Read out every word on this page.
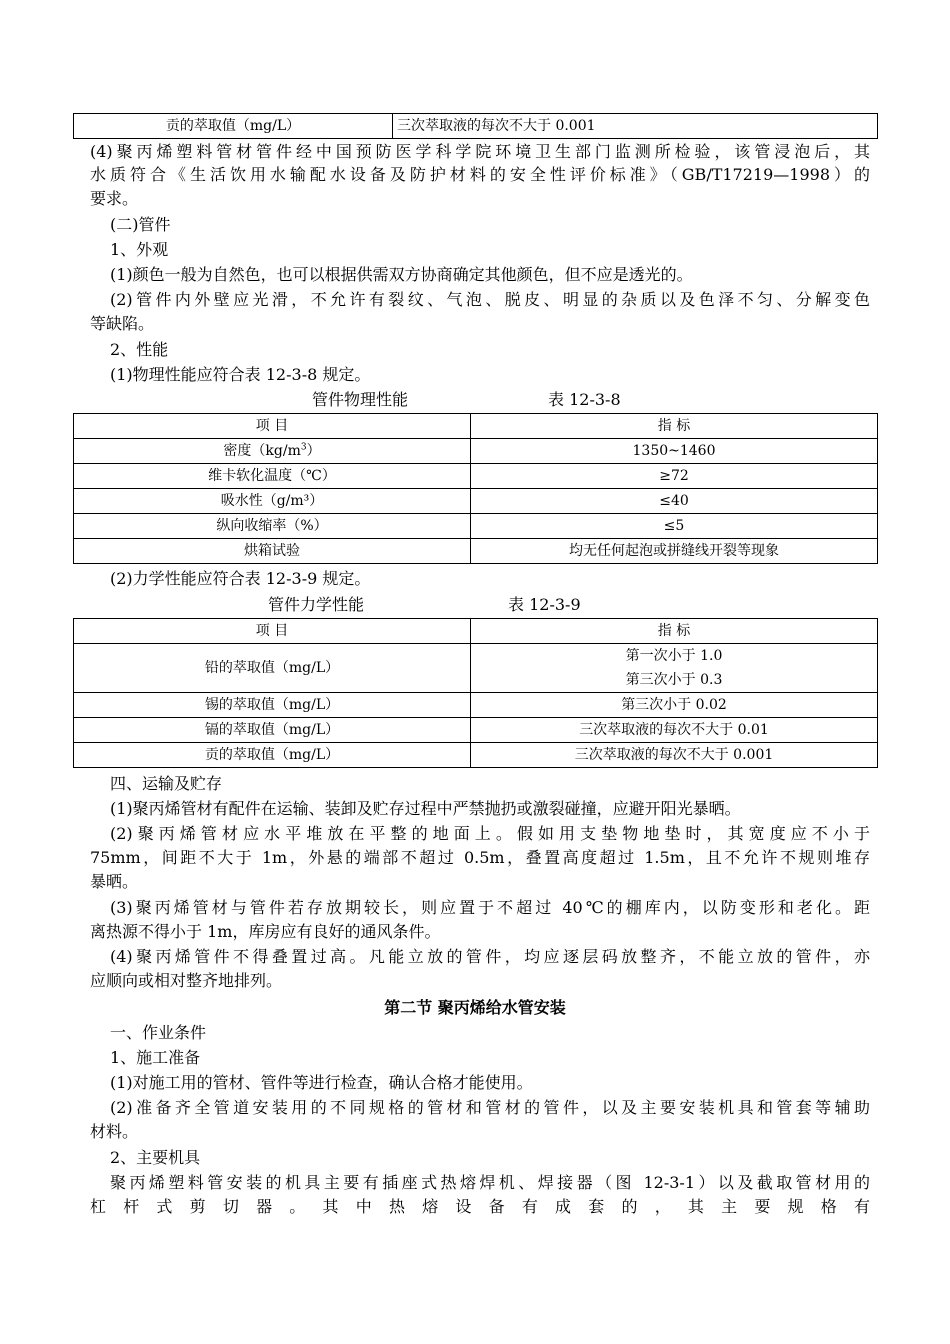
贡的萃取值（mg/L）	三次萃取液的每次不大于 0.001
(4)聚丙烯塑料管材管件经中国预防医学科学院环境卫生部门监测所检验，该管浸泡后，其
水质符合《生活饮用水输配水设备及防护材料的安全性评价标准》（GB/T17219—1998）的
要求。
(二)管件
1、外观
(1)颜色一般为自然色，也可以根据供需双方协商确定其他颜色，但不应是透光的。
(2)管件内外壁应光滑，不允许有裂纹、气泡、脱皮、明显的杂质以及色泽不匀、分解变色
等缺陷。
2、性能
(1)物理性能应符合表 12-3-8 规定。
管件物理性能	表 12-3-8
项 目	指 标
密度$(kg/m^3)$	1350~1460
维卡软化温度（℃）	≥72
吸水性（g/m³）	≤40
纵向收缩率（%）	≤5
烘箱试验	均无任何起泡或拼缝线开裂等现象
(2)力学性能应符合表 12-3-9 规定。
管件力学性能	表 12-3-9
项 目	指 标
铅的萃取值（mg/L）	第一次小于 1.0
第三次小于 0.3

锡的萃取值（mg/L）	第三次小于 0.02
镉的萃取值（mg/L）	三次萃取液的每次不大于 0.01
贡的萃取值（mg/L）	三次萃取液的每次不大于 0.001
四、运输及贮存
(1)聚丙烯管材有配件在运输、装卸及贮存过程中严禁抛扔或激裂碰撞，应避开阳光暴晒。
(2)聚丙烯管材应水平堆放在平整的地面上。假如用支垫物地垫时，其宽度应不小于
75mm，间距不大于 1m，外悬的端部不超过 0.5m，叠置高度超过 1.5m，且不允许不规则堆存
暴晒。
(3)聚丙烯管材与管件若存放期较长，则应置于不超过 40℃的棚库内，以防变形和老化。距
离热源不得小于 1m，库房应有良好的通风条件。
(4)聚丙烯管件不得叠置过高。凡能立放的管件，均应逐层码放整齐，不能立放的管件，亦
应顺向或相对整齐地排列。
第二节 聚丙烯给水管安装
一、作业条件
1、施工准备
(1)对施工用的管材、管件等进行检查，确认合格才能使用。
(2)准备齐全管道安装用的不同规格的管材和管材的管件，以及主要安装机具和管套等辅助
材料。
2、主要机具
聚丙烯塑料管安装的机具主要有插座式热熔焊机、焊接器（图 12-3-1）以及截取管材用的
杠 杆 式 剪 切 器 。 其 中 热 熔 设 备 有 成 套 的 ， 其 主 要 规 格 有
